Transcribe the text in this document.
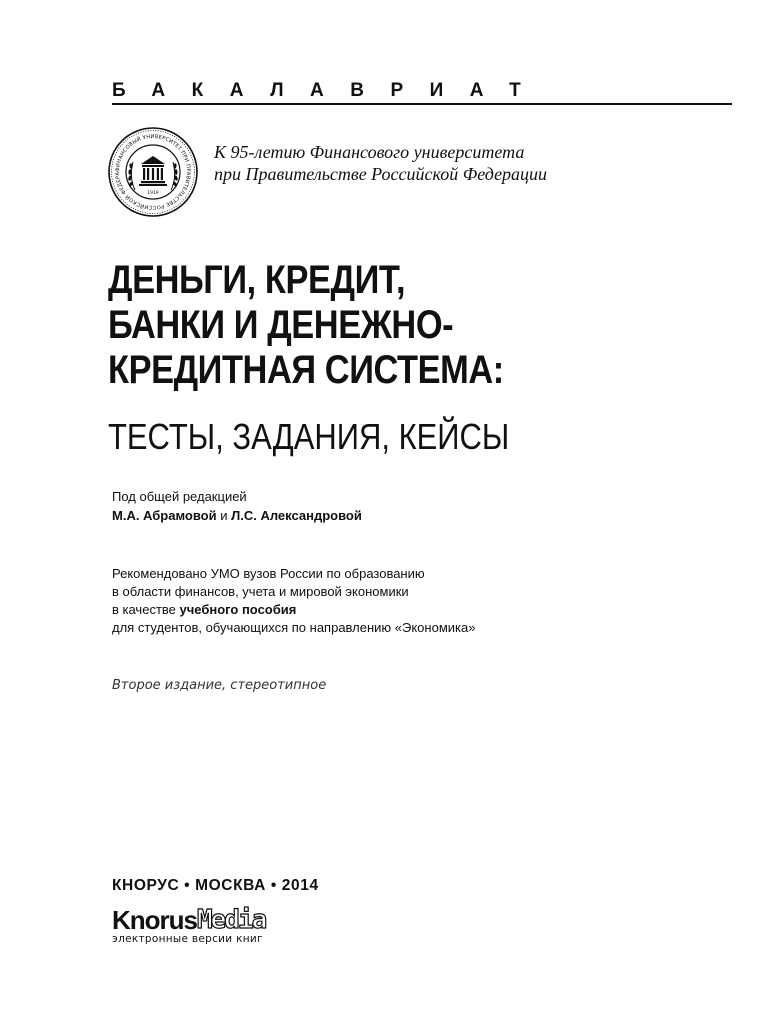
БАКАЛАВРИАТ
ФИНАНСОВЫЙ УНИВЕРСИТЕТ ПРИ ПРАВИТЕЛЬСТВЕ РОССИЙСКОЙ ФЕДЕРА
1919
К 95-летию Финансового университета
при Правительстве Российской Федерации
ДЕНЬГИ, КРЕДИТ,
БАНКИ И ДЕНЕЖНО-
КРЕДИТНАЯ СИСТЕМА:
ТЕСТЫ, ЗАДАНИЯ, КЕЙСЫ
Под общей редакцией
М.А. Абрамовой и Л.С. Александровой
Рекомендовано УМО вузов России по образованию
в области финансов, учета и мировой экономики
в качестве учебного пособия
для студентов, обучающихся по направлению «Экономика»
Второе издание, стереотипное
КНОРУС • МОСКВА • 2014
Knorus Media
электронные версии книг
